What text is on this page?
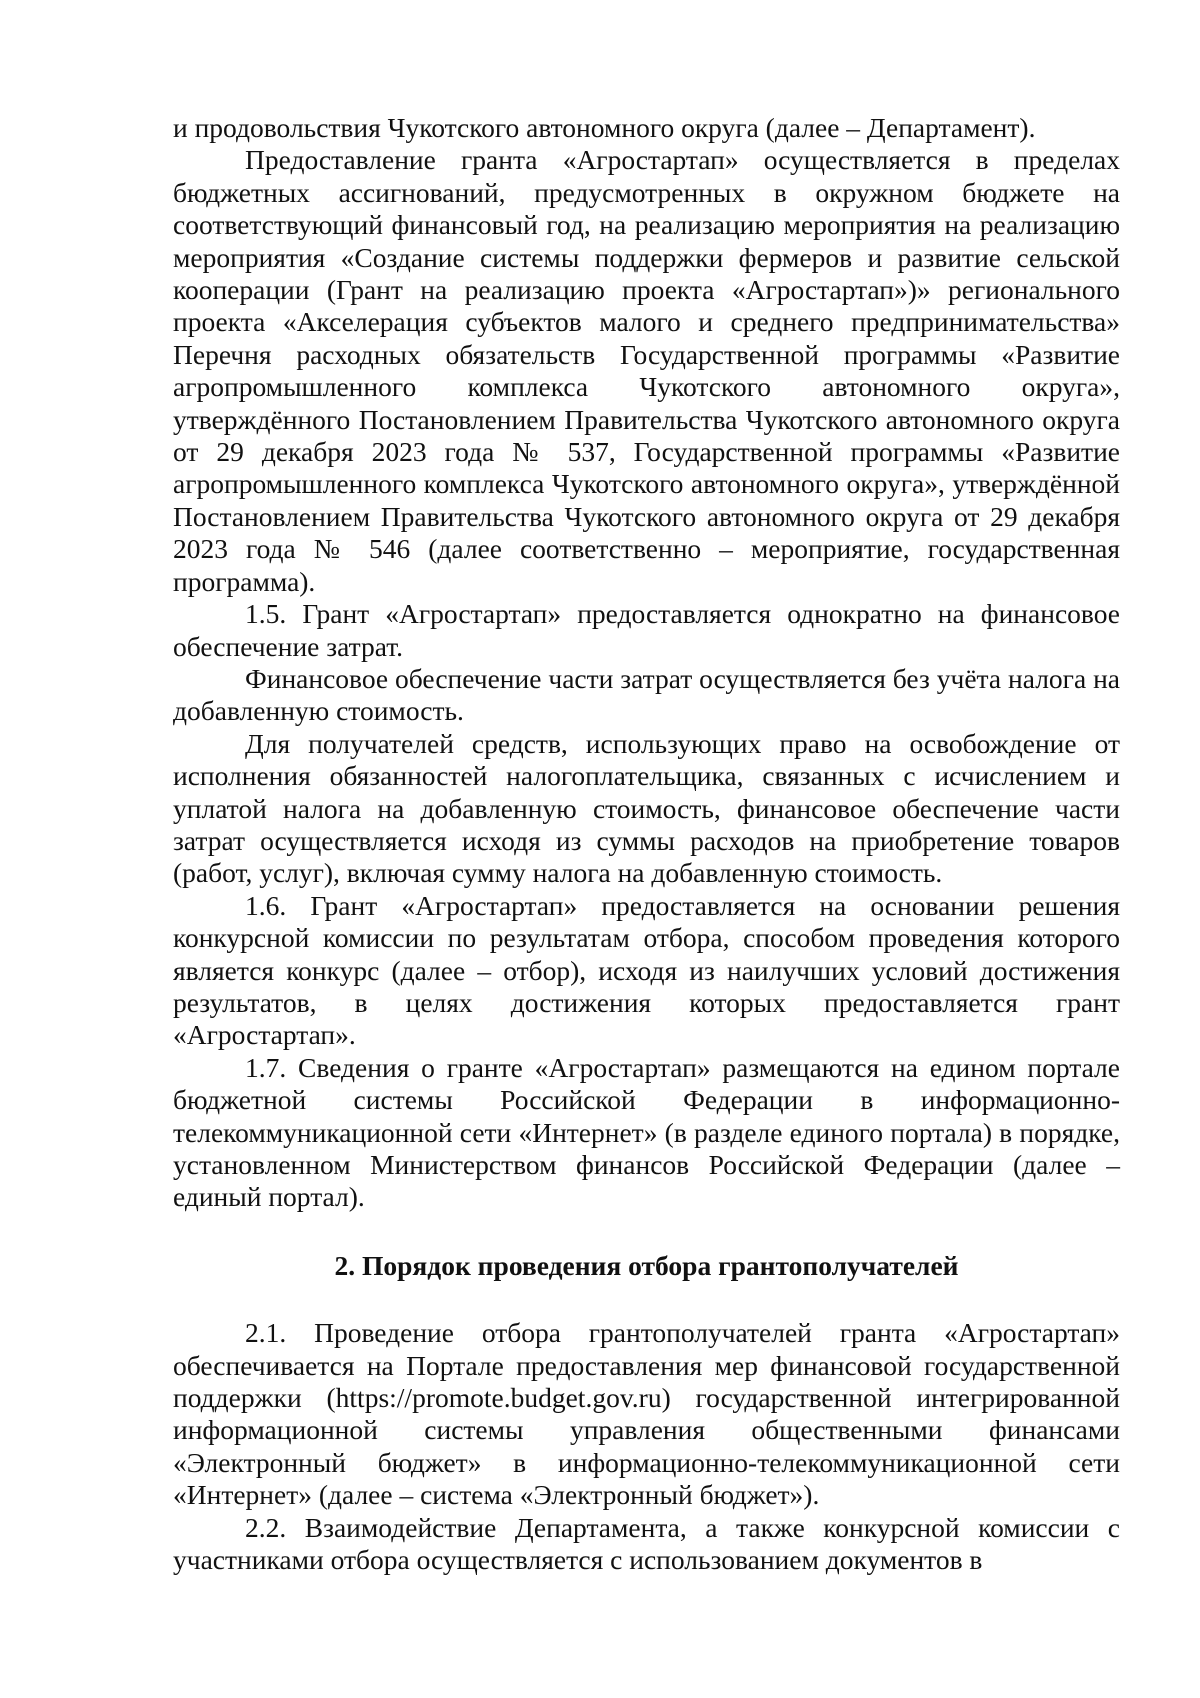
и продовольствия Чукотского автономного округа (далее – Департамент).

Предоставление гранта «Агростартап» осуществляется в пределах бюджетных ассигнований, предусмотренных в окружном бюджете на соответствующий финансовый год, на реализацию мероприятия на реализацию мероприятия «Создание системы поддержки фермеров и развитие сельской кооперации (Грант на реализацию проекта «Агростартап»)» регионального проекта «Акселерация субъектов малого и среднего предпринимательства» Перечня расходных обязательств Государственной программы «Развитие агропромышленного комплекса Чукотского автономного округа», утверждённого Постановлением Правительства Чукотского автономного округа от 29 декабря 2023 года № 537, Государственной программы «Развитие агропромышленного комплекса Чукотского автономного округа», утверждённой Постановлением Правительства Чукотского автономного округа от 29 декабря 2023 года № 546 (далее соответственно – мероприятие, государственная программа).

1.5. Грант «Агростартап» предоставляется однократно на финансовое обеспечение затрат.

Финансовое обеспечение части затрат осуществляется без учёта налога на добавленную стоимость.

Для получателей средств, использующих право на освобождение от исполнения обязанностей налогоплательщика, связанных с исчислением и уплатой налога на добавленную стоимость, финансовое обеспечение части затрат осуществляется исходя из суммы расходов на приобретение товаров (работ, услуг), включая сумму налога на добавленную стоимость.

1.6. Грант «Агростартап» предоставляется на основании решения конкурсной комиссии по результатам отбора, способом проведения которого является конкурс (далее – отбор), исходя из наилучших условий достижения результатов, в целях достижения которых предоставляется грант «Агростартап».

1.7. Сведения о гранте «Агростартап» размещаются на едином портале бюджетной системы Российской Федерации в информационно-телекоммуникационной сети «Интернет» (в разделе единого портала) в порядке, установленном Министерством финансов Российской Федерации (далее – единый портал).

2. Порядок проведения отбора грантополучателей

2.1. Проведение отбора грантополучателей гранта «Агростартап» обеспечивается на Портале предоставления мер финансовой государственной поддержки (https://promote.budget.gov.ru) государственной интегрированной информационной системы управления общественными финансами «Электронный бюджет» в информационно-телекоммуникационной сети «Интернет» (далее – система «Электронный бюджет»).

2.2. Взаимодействие Департамента, а также конкурсной комиссии с участниками отбора осуществляется с использованием документов в
